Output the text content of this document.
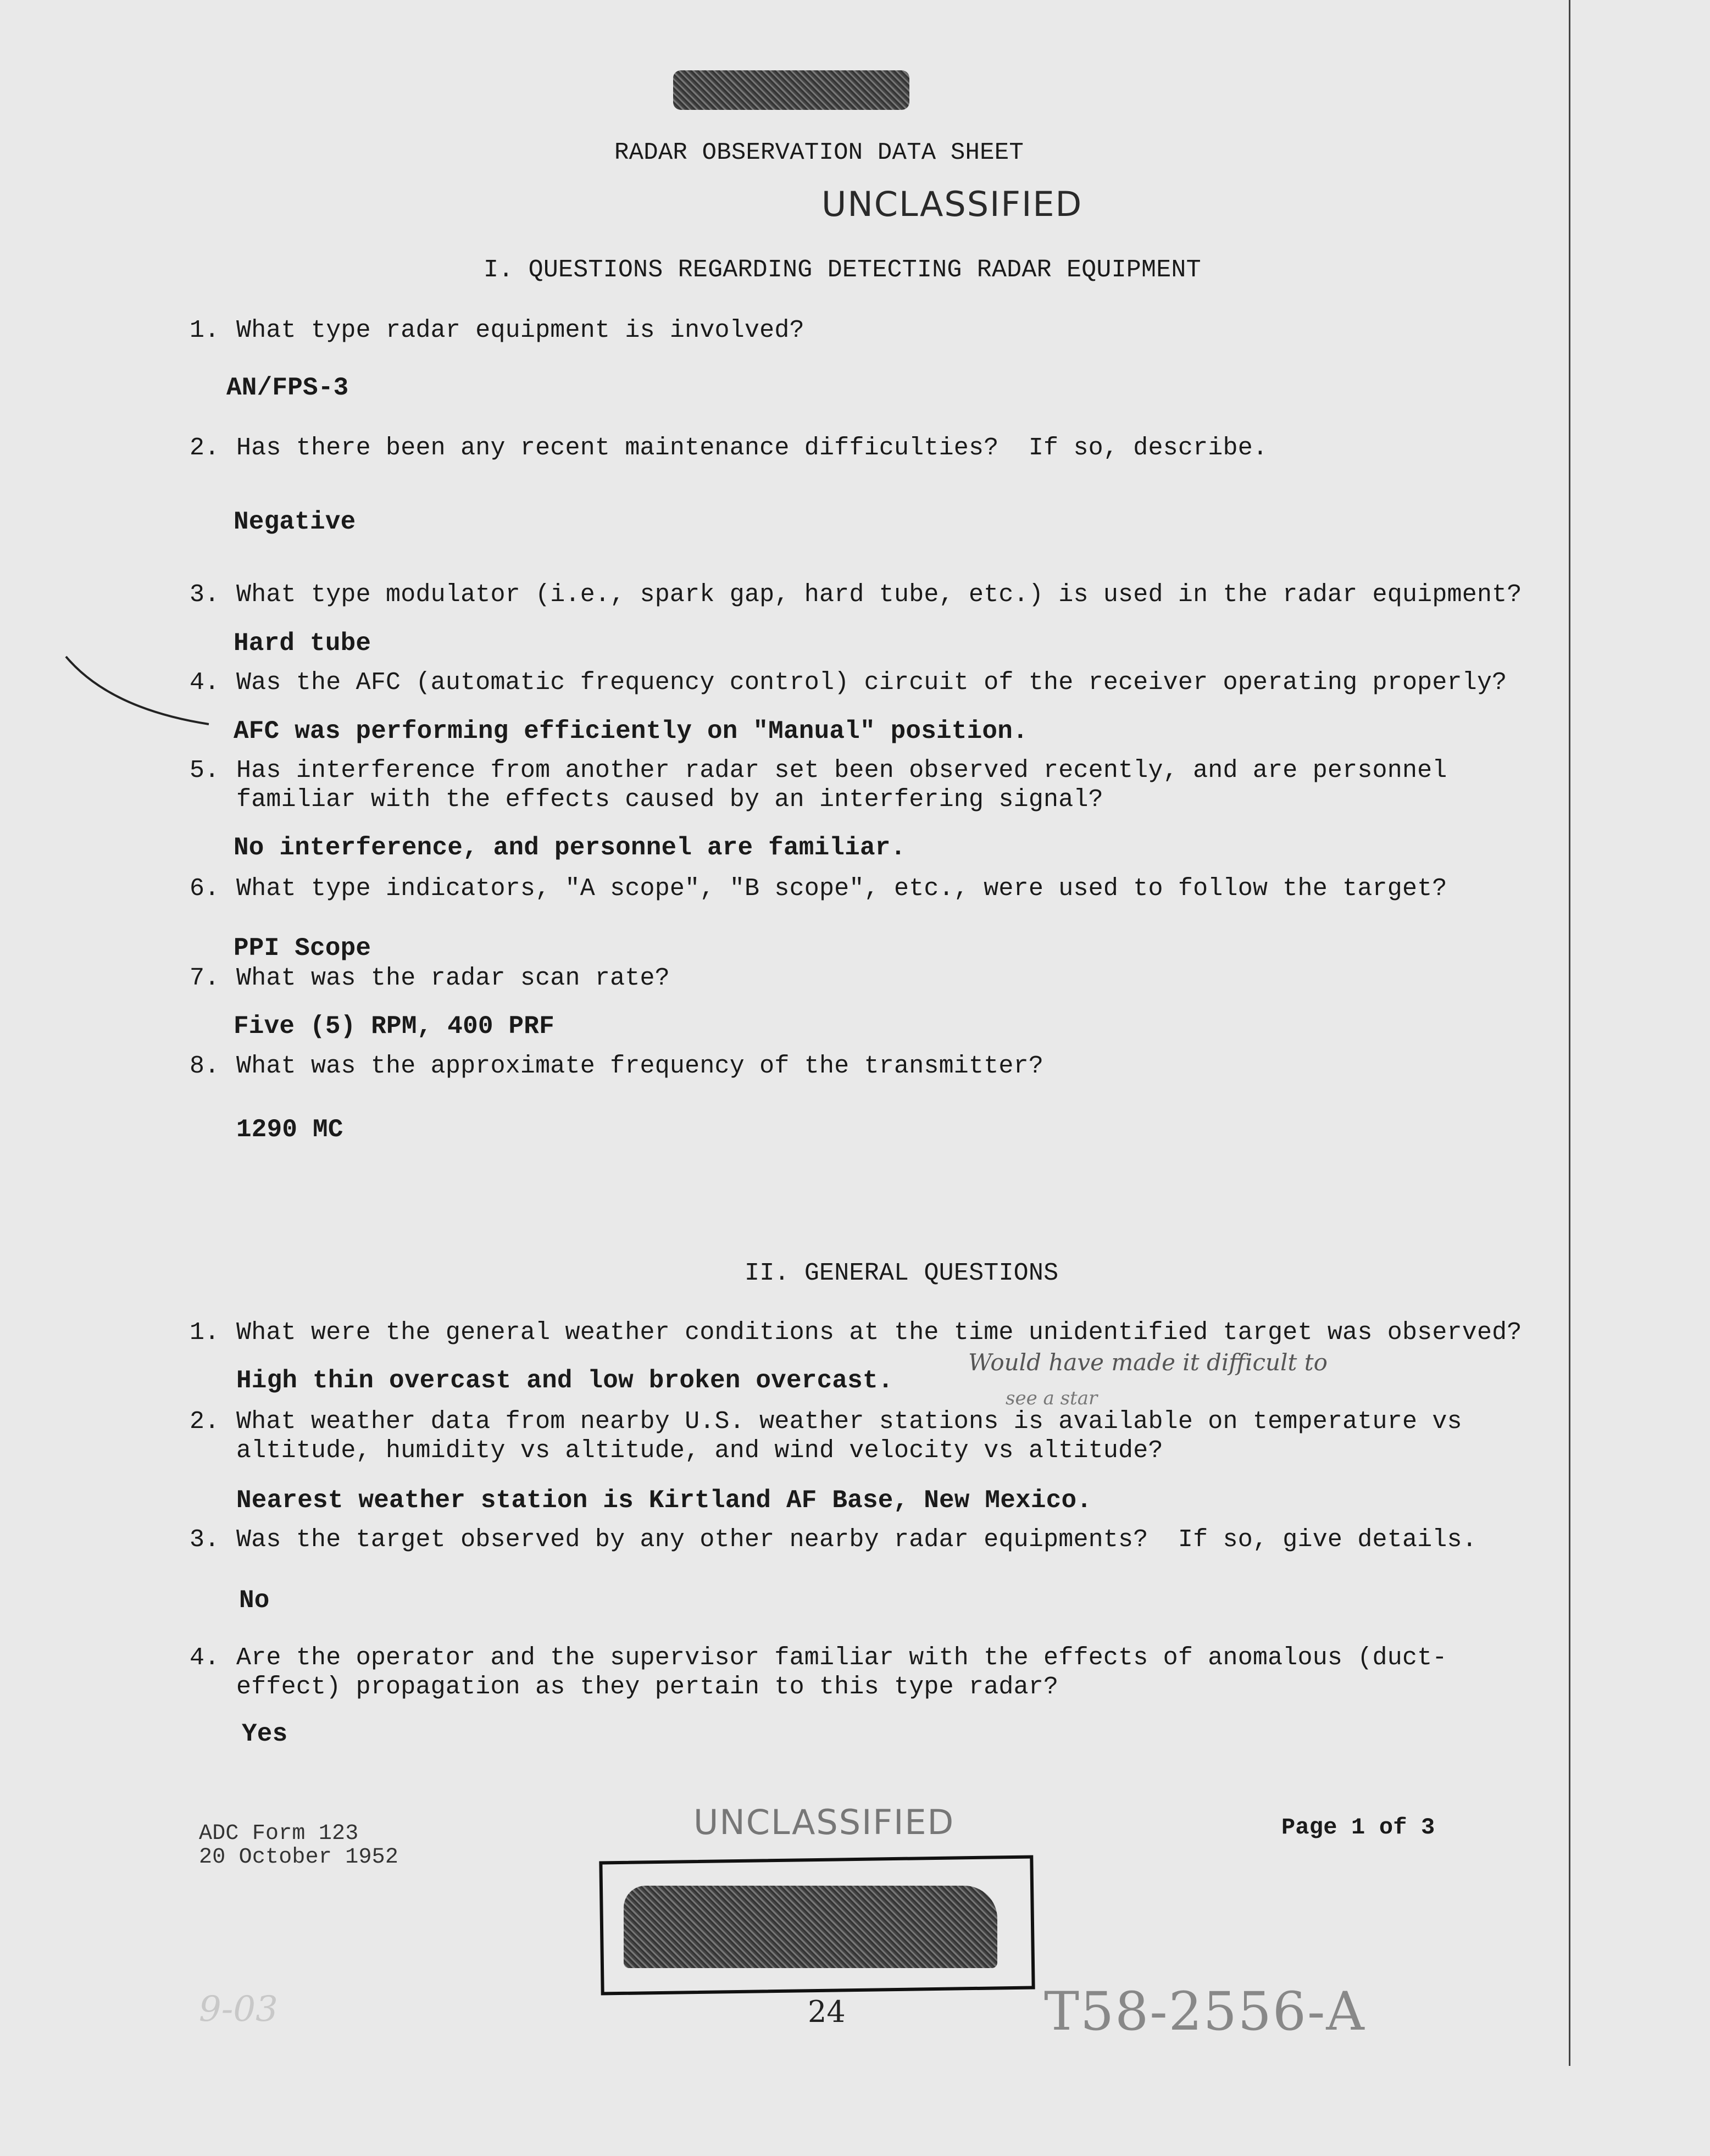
RADAR OBSERVATION DATA SHEET
UNCLASSIFIED
I. QUESTIONS REGARDING DETECTING RADAR EQUIPMENT
1. What type radar equipment is involved?
AN/FPS-3
2. Has there been any recent maintenance difficulties?  If so, describe.
Negative
3. What type modulator (i.e., spark gap, hard tube, etc.) is used in the radar equipment?
Hard tube
4. Was the AFC (automatic frequency control) circuit of the receiver operating properly?
AFC was performing efficiently on "Manual" position.
5. Has interference from another radar set been observed recently, and are personnel
familiar with the effects caused by an interfering signal?
No interference, and personnel are familiar.
6. What type indicators, "A scope", "B scope", etc., were used to follow the target?
PPI Scope
7. What was the radar scan rate?
Five (5) RPM, 400 PRF
8. What was the approximate frequency of the transmitter?
1290 MC
II. GENERAL QUESTIONS
1. What were the general weather conditions at the time unidentified target was observed?
High thin overcast and low broken overcast.
Would have made it difficult to
see a star
2. What weather data from nearby U.S. weather stations is available on temperature vs
altitude, humidity vs altitude, and wind velocity vs altitude?
Nearest weather station is Kirtland AF Base, New Mexico.
3. Was the target observed by any other nearby radar equipments?  If so, give details.
No
4. Are the operator and the supervisor familiar with the effects of anomalous (duct-
effect) propagation as they pertain to this type radar?
Yes
ADC Form 123
20 October 1952
UNCLASSIFIED	Page 1 of 3
T58-2556-A
24
9-03
